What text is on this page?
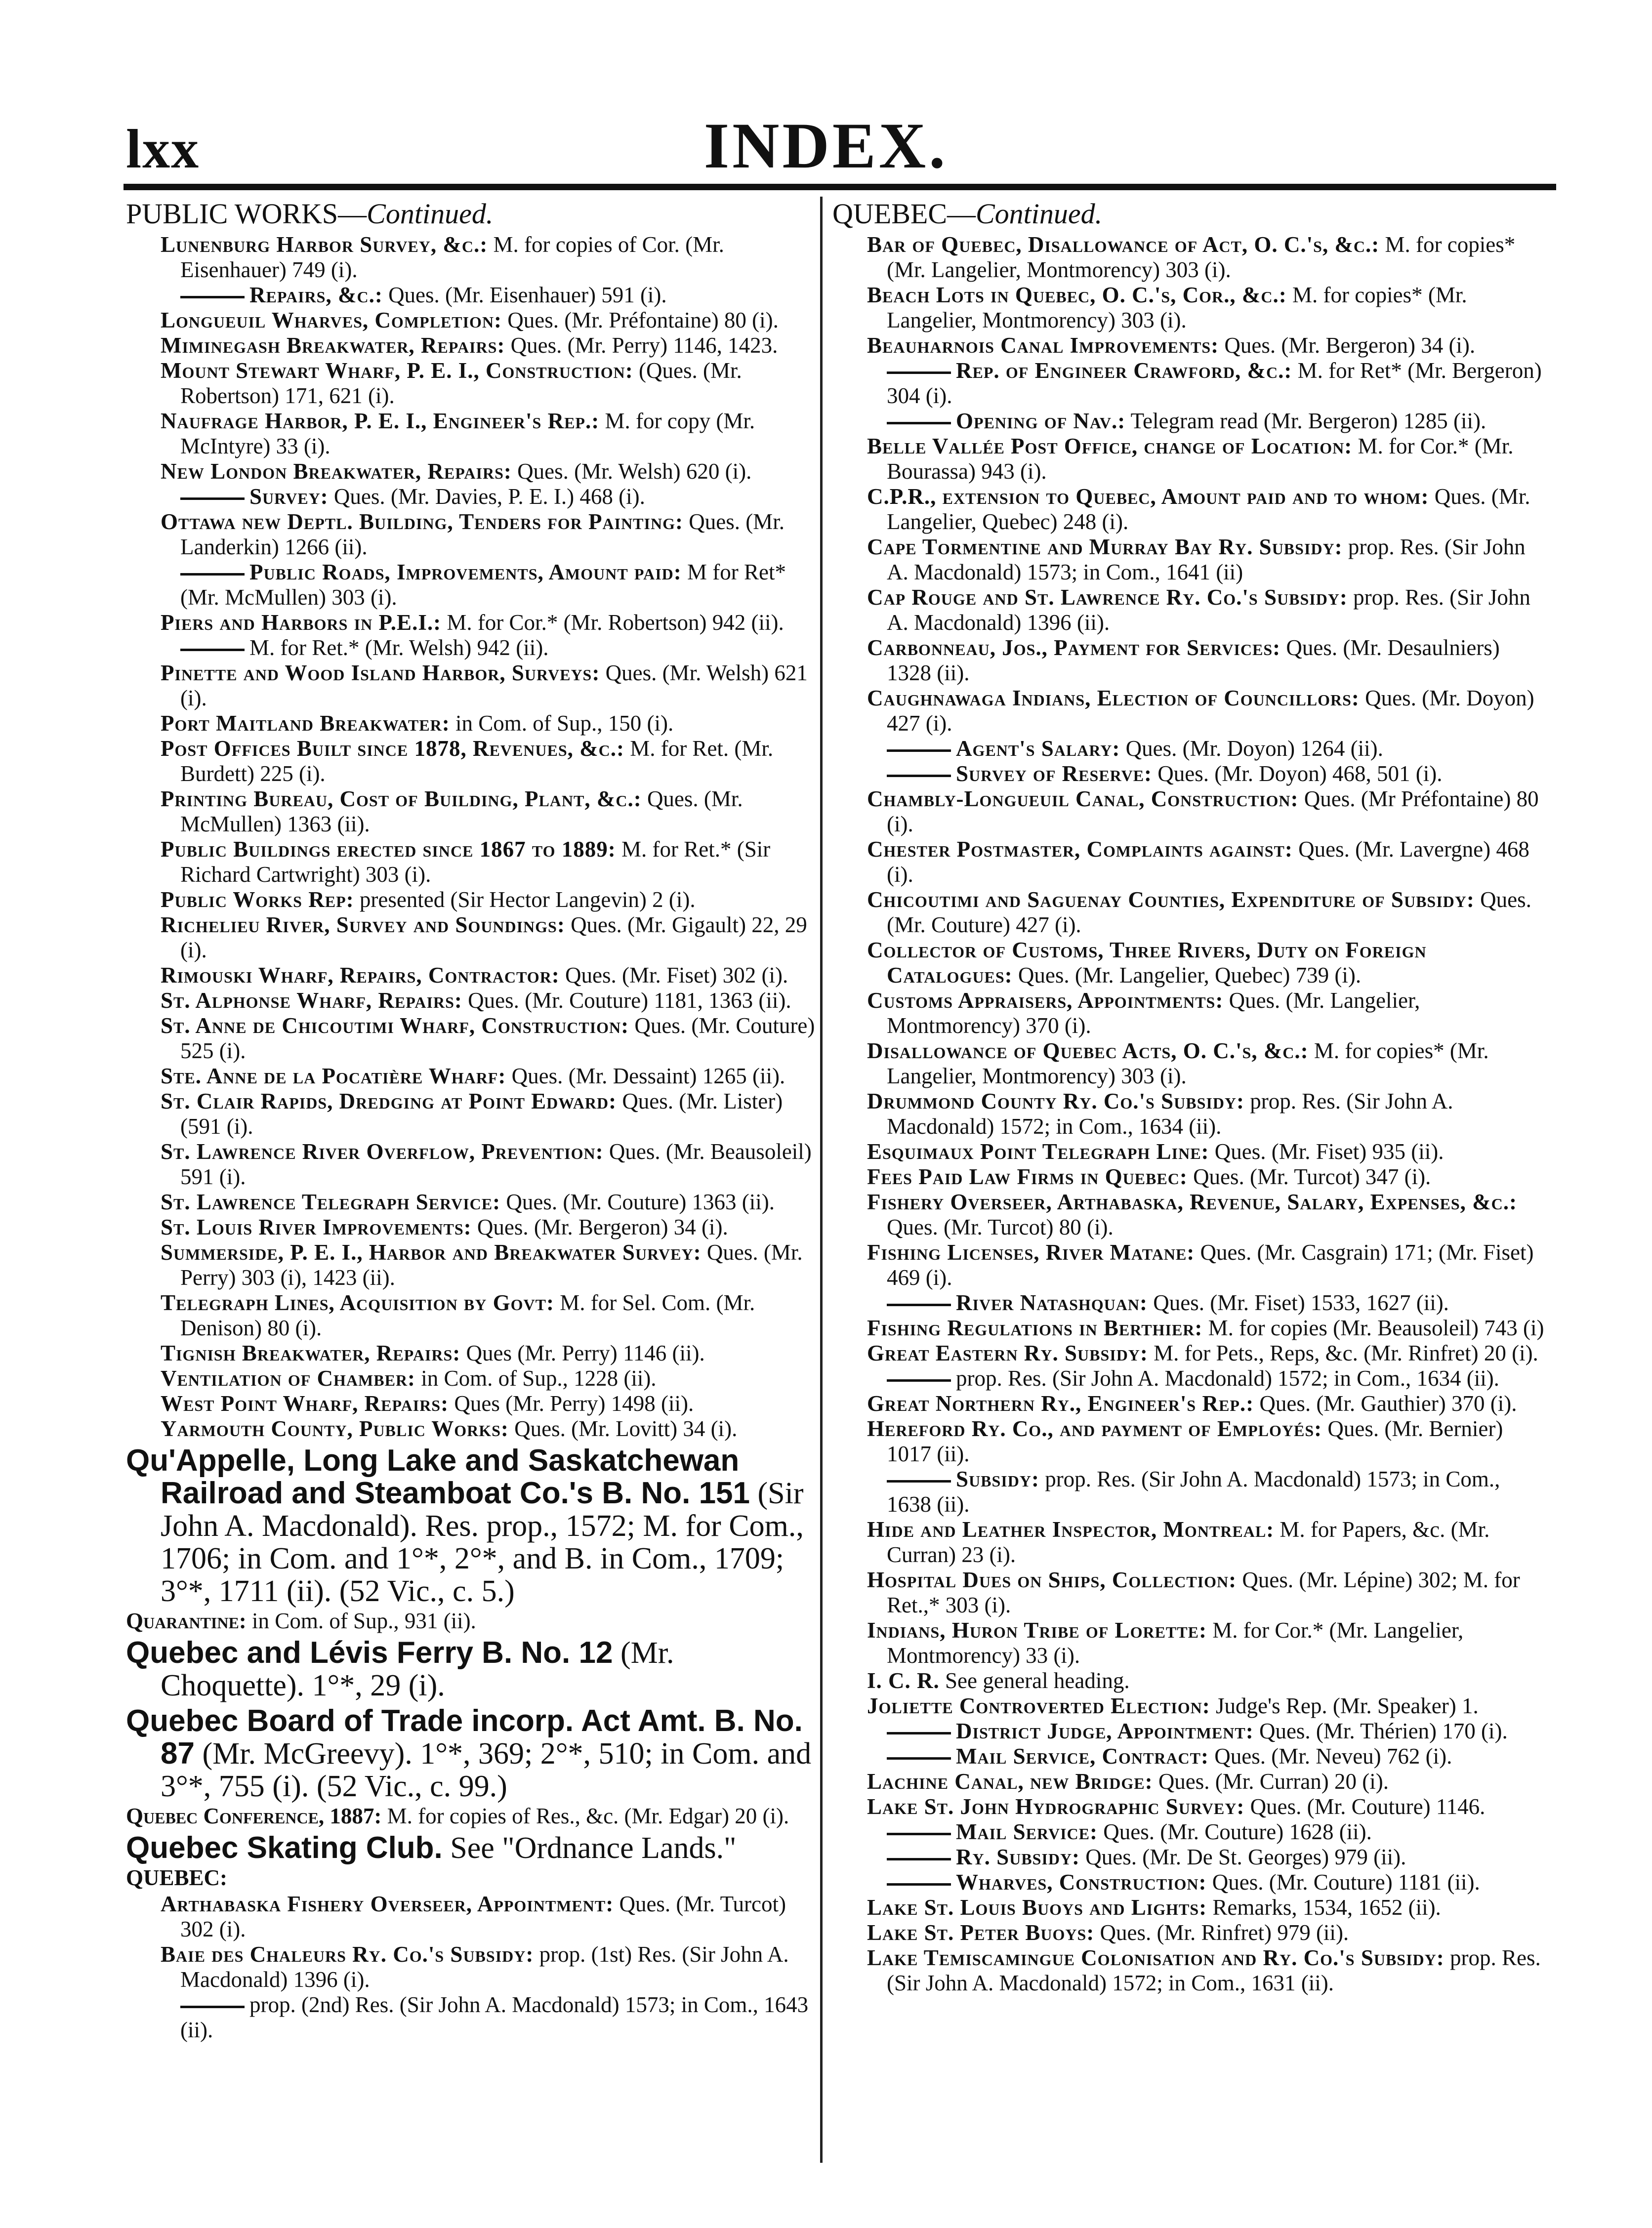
lxx	INDEX.
PUBLIC WORKS—Continued.

Lunenburg Harbor Survey, &c.: M. for copies of Cor. (Mr. Eisenhauer) 749 (i).

Repairs, &c.: Ques. (Mr. Eisenhauer) 591 (i).

Longueuil Wharves, Completion: Ques. (Mr. Préfontaine) 80 (i).

Miminegash Breakwater, Repairs: Ques. (Mr. Perry) 1146, 1423.

Mount Stewart Wharf, P. E. I., Construction: (Ques. (Mr. Robertson) 171, 621 (i).

Naufrage Harbor, P. E. I., Engineer's Rep.: M. for copy (Mr. McIntyre) 33 (i).

New London Breakwater, Repairs: Ques. (Mr. Welsh) 620 (i).

Survey: Ques. (Mr. Davies, P. E. I.) 468 (i).

Ottawa new Deptl. Building, Tenders for Painting: Ques. (Mr. Landerkin) 1266 (ii).

Public Roads, Improvements, Amount paid: M for Ret* (Mr. McMullen) 303 (i).

Piers and Harbors in P.E.I.: M. for Cor.* (Mr. Robertson) 942 (ii).

M. for Ret.* (Mr. Welsh) 942 (ii).

Pinette and Wood Island Harbor, Surveys: Ques. (Mr. Welsh) 621 (i).

Port Maitland Breakwater: in Com. of Sup., 150 (i).

Post Offices Built since 1878, Revenues, &c.: M. for Ret. (Mr. Burdett) 225 (i).

Printing Bureau, Cost of Building, Plant, &c.: Ques. (Mr. McMullen) 1363 (ii).

Public Buildings erected since 1867 to 1889: M. for Ret.* (Sir Richard Cartwright) 303 (i).

Public Works Rep: presented (Sir Hector Langevin) 2 (i).

Richelieu River, Survey and Soundings: Ques. (Mr. Gigault) 22, 29 (i).

Rimouski Wharf, Repairs, Contractor: Ques. (Mr. Fiset) 302 (i).

St. Alphonse Wharf, Repairs: Ques. (Mr. Couture) 1181, 1363 (ii).

St. Anne de Chicoutimi Wharf, Construction: Ques. (Mr. Couture) 525 (i).

Ste. Anne de la Pocatière Wharf: Ques. (Mr. Dessaint) 1265 (ii).

St. Clair Rapids, Dredging at Point Edward: Ques. (Mr. Lister) (591 (i).

St. Lawrence River Overflow, Prevention: Ques. (Mr. Beausoleil) 591 (i).

St. Lawrence Telegraph Service: Ques. (Mr. Couture) 1363 (ii).

St. Louis River Improvements: Ques. (Mr. Bergeron) 34 (i).

Summerside, P. E. I., Harbor and Breakwater Survey: Ques. (Mr. Perry) 303 (i), 1423 (ii).

Telegraph Lines, Acquisition by Govt: M. for Sel. Com. (Mr. Denison) 80 (i).

Tignish Breakwater, Repairs: Ques (Mr. Perry) 1146 (ii).

Ventilation of Chamber: in Com. of Sup., 1228 (ii).

West Point Wharf, Repairs: Ques (Mr. Perry) 1498 (ii).

Yarmouth County, Public Works: Ques. (Mr. Lovitt) 34 (i).

Qu'Appelle, Long Lake and Saskatchewan Railroad and Steamboat Co.'s B. No. 151 (Sir John A. Macdonald). Res. prop., 1572; M. for Com., 1706; in Com. and 1°*, 2°*, and B. in Com., 1709; 3°*, 1711 (ii). (52 Vic., c. 5.)

Quarantine: in Com. of Sup., 931 (ii).

Quebec and Lévis Ferry B. No. 12 (Mr. Choquette). 1°*, 29 (i).

Quebec Board of Trade incorp. Act Amt. B. No. 87 (Mr. McGreevy). 1°*, 369; 2°*, 510; in Com. and 3°*, 755 (i). (52 Vic., c. 99.)

Quebec Conference, 1887: M. for copies of Res., &c. (Mr. Edgar) 20 (i).

Quebec Skating Club. See "Ordnance Lands."

QUEBEC:

Arthabaska Fishery Overseer, Appointment: Ques. (Mr. Turcot) 302 (i).

Baie des Chaleurs Ry. Co.'s Subsidy: prop. (1st) Res. (Sir John A. Macdonald) 1396 (i).

prop. (2nd) Res. (Sir John A. Macdonald) 1573; in Com., 1643 (ii).

QUEBEC—Continued.

Bar of Quebec, Disallowance of Act, O. C.'s, &c.: M. for copies* (Mr. Langelier, Montmorency) 303 (i).

Beach Lots in Quebec, O. C.'s, Cor., &c.: M. for copies* (Mr. Langelier, Montmorency) 303 (i).

Beauharnois Canal Improvements: Ques. (Mr. Bergeron) 34 (i).

Rep. of Engineer Crawford, &c.: M. for Ret* (Mr. Bergeron) 304 (i).

Opening of Nav.: Telegram read (Mr. Bergeron) 1285 (ii).

Belle Vallée Post Office, change of Location: M. for Cor.* (Mr. Bourassa) 943 (i).

C.P.R., extension to Quebec, Amount paid and to whom: Ques. (Mr. Langelier, Quebec) 248 (i).

Cape Tormentine and Murray Bay Ry. Subsidy: prop. Res. (Sir John A. Macdonald) 1573; in Com., 1641 (ii)

Cap Rouge and St. Lawrence Ry. Co.'s Subsidy: prop. Res. (Sir John A. Macdonald) 1396 (ii).

Carbonneau, Jos., Payment for Services: Ques. (Mr. Desaulniers) 1328 (ii).

Caughnawaga Indians, Election of Councillors: Ques. (Mr. Doyon) 427 (i).

Agent's Salary: Ques. (Mr. Doyon) 1264 (ii).

Survey of Reserve: Ques. (Mr. Doyon) 468, 501 (i).

Chambly-Longueuil Canal, Construction: Ques. (Mr Préfontaine) 80 (i).

Chester Postmaster, Complaints against: Ques. (Mr. Lavergne) 468 (i).

Chicoutimi and Saguenay Counties, Expenditure of Subsidy: Ques. (Mr. Couture) 427 (i).

Collector of Customs, Three Rivers, Duty on Foreign Catalogues: Ques. (Mr. Langelier, Quebec) 739 (i).

Customs Appraisers, Appointments: Ques. (Mr. Langelier, Montmorency) 370 (i).

Disallowance of Quebec Acts, O. C.'s, &c.: M. for copies* (Mr. Langelier, Montmorency) 303 (i).

Drummond County Ry. Co.'s Subsidy: prop. Res. (Sir John A. Macdonald) 1572; in Com., 1634 (ii).

Esquimaux Point Telegraph Line: Ques. (Mr. Fiset) 935 (ii).

Fees Paid Law Firms in Quebec: Ques. (Mr. Turcot) 347 (i).

Fishery Overseer, Arthabaska, Revenue, Salary, Expenses, &c.: Ques. (Mr. Turcot) 80 (i).

Fishing Licenses, River Matane: Ques. (Mr. Casgrain) 171; (Mr. Fiset) 469 (i).

River Natashquan: Ques. (Mr. Fiset) 1533, 1627 (ii).

Fishing Regulations in Berthier: M. for copies (Mr. Beausoleil) 743 (i)

Great Eastern Ry. Subsidy: M. for Pets., Reps, &c. (Mr. Rinfret) 20 (i).

prop. Res. (Sir John A. Macdonald) 1572; in Com., 1634 (ii).

Great Northern Ry., Engineer's Rep.: Ques. (Mr. Gauthier) 370 (i).

Hereford Ry. Co., and payment of Employés: Ques. (Mr. Bernier) 1017 (ii).

Subsidy: prop. Res. (Sir John A. Macdonald) 1573; in Com., 1638 (ii).

Hide and Leather Inspector, Montreal: M. for Papers, &c. (Mr. Curran) 23 (i).

Hospital Dues on Ships, Collection: Ques. (Mr. Lépine) 302; M. for Ret.,* 303 (i).

Indians, Huron Tribe of Lorette: M. for Cor.* (Mr. Langelier, Montmorency) 33 (i).

I. C. R. See general heading.

Joliette Controverted Election: Judge's Rep. (Mr. Speaker) 1.

District Judge, Appointment: Ques. (Mr. Thérien) 170 (i).

Mail Service, Contract: Ques. (Mr. Neveu) 762 (i).

Lachine Canal, new Bridge: Ques. (Mr. Curran) 20 (i).

Lake St. John Hydrographic Survey: Ques. (Mr. Couture) 1146.

Mail Service: Ques. (Mr. Couture) 1628 (ii).

Ry. Subsidy: Ques. (Mr. De St. Georges) 979 (ii).

Wharves, Construction: Ques. (Mr. Couture) 1181 (ii).

Lake St. Louis Buoys and Lights: Remarks, 1534, 1652 (ii).

Lake St. Peter Buoys: Ques. (Mr. Rinfret) 979 (ii).

Lake Temiscamingue Colonisation and Ry. Co.'s Subsidy: prop. Res. (Sir John A. Macdonald) 1572; in Com., 1631 (ii).
